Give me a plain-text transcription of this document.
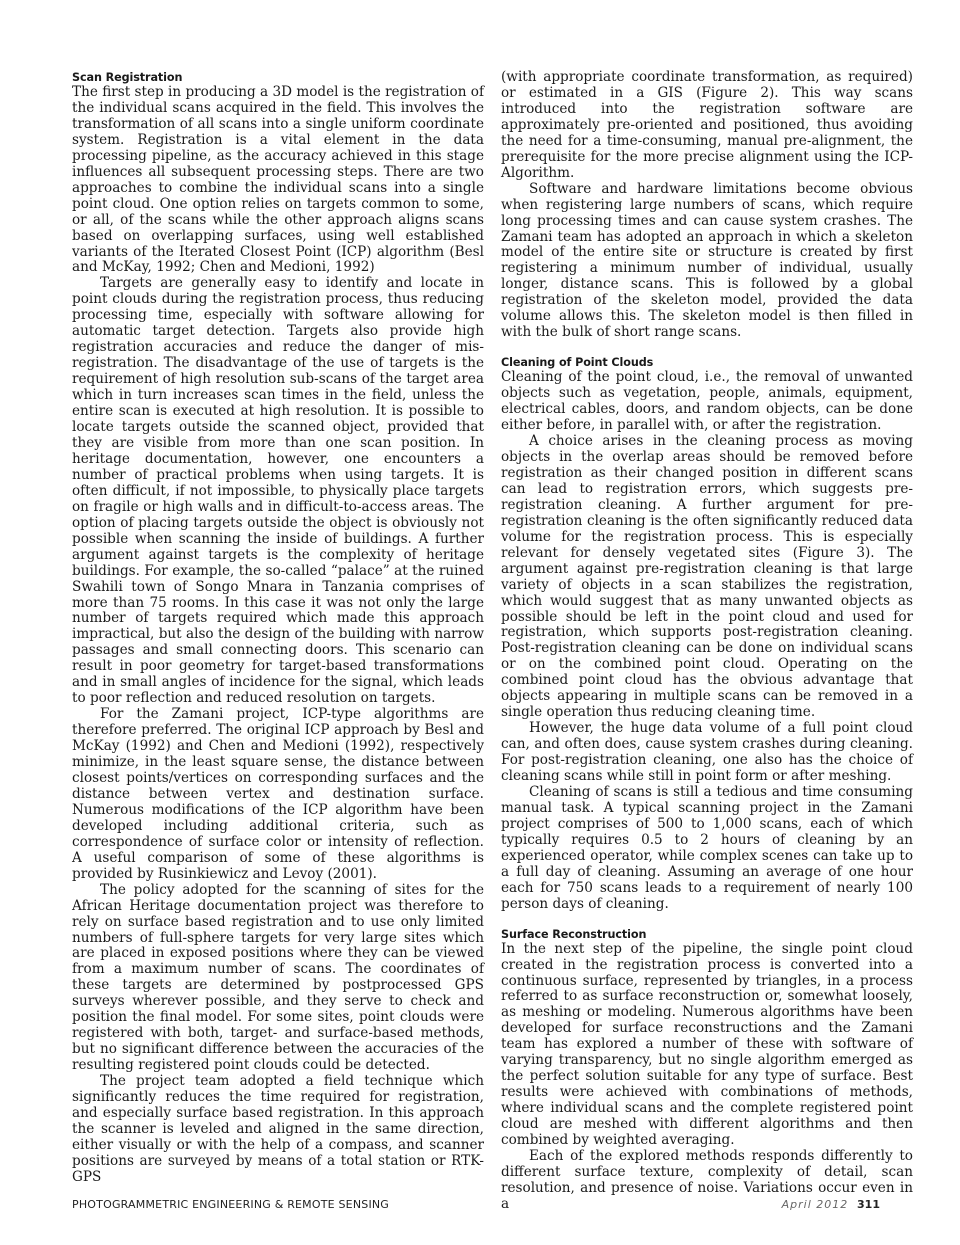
Scan Registration

The first step in producing a 3D model is the registration of the individual scans acquired in the field. This involves the transformation of all scans into a single uniform coordinate system. Registration is a vital element in the data processing pipeline, as the accuracy achieved in this stage influences all subsequent processing steps. There are two approaches to combine the individual scans into a single point cloud. One option relies on targets common to some, or all, of the scans while the other approach aligns scans based on overlapping surfaces, using well established variants of the Iterated Closest Point (ICP) algorithm (Besl and McKay, 1992; Chen and Medioni, 1992)

Targets are generally easy to identify and locate in point clouds during the registration process, thus reducing processing time, especially with software allowing for automatic target detection. Targets also provide high registration accuracies and reduce the danger of mis-registration. The disadvantage of the use of targets is the requirement of high resolution sub-scans of the target area which in turn increases scan times in the field, unless the entire scan is executed at high resolution. It is possible to locate targets outside the scanned object, provided that they are visible from more than one scan position. In heritage documentation, however, one encounters a number of practical problems when using targets. It is often difficult, if not impossible, to physically place targets on fragile or high walls and in difficult-to-access areas. The option of placing targets outside the object is obviously not possible when scanning the inside of buildings. A further argument against targets is the complexity of heritage buildings. For example, the so-called “palace” at the ruined Swahili town of Songo Mnara in Tanzania comprises of more than 75 rooms. In this case it was not only the large number of targets required which made this approach impractical, but also the design of the building with narrow passages and small connecting doors. This scenario can result in poor geometry for target-based transformations and in small angles of incidence for the signal, which leads to poor reflection and reduced resolution on targets.

For the Zamani project, ICP-type algorithms are therefore preferred. The original ICP approach by Besl and McKay (1992) and Chen and Medioni (1992), respectively minimize, in the least square sense, the distance between closest points/vertices on corresponding surfaces and the distance between vertex and destination surface. Numerous modifications of the ICP algorithm have been developed including additional criteria, such as correspondence of surface color or intensity of reflection. A useful comparison of some of these algorithms is provided by Rusinkiewicz and Levoy (2001).

The policy adopted for the scanning of sites for the African Heritage documentation project was therefore to rely on surface based registration and to use only limited numbers of full-sphere targets for very large sites which are placed in exposed positions where they can be viewed from a maximum number of scans. The coordinates of these targets are determined by postprocessed GPS surveys wherever possible, and they serve to check and position the final model. For some sites, point clouds were registered with both, target- and surface-based methods, but no significant difference between the accuracies of the resulting registered point clouds could be detected.

The project team adopted a field technique which significantly reduces the time required for registration, and especially surface based registration. In this approach the scanner is leveled and aligned in the same direction, either visually or with the help of a compass, and scanner positions are surveyed by means of a total station or RTK-GPS

(with appropriate coordinate transformation, as required) or estimated in a GIS (Figure 2). This way scans introduced into the registration software are approximately pre-oriented and positioned, thus avoiding the need for a time-consuming, manual pre-alignment, the prerequisite for the more precise alignment using the ICP-Algorithm.

Software and hardware limitations become obvious when registering large numbers of scans, which require long processing times and can cause system crashes. The Zamani team has adopted an approach in which a skeleton model of the entire site or structure is created by first registering a minimum number of individual, usually longer, distance scans. This is followed by a global registration of the skeleton model, provided the data volume allows this. The skeleton model is then filled in with the bulk of short range scans.

Cleaning of Point Clouds

Cleaning of the point cloud, i.e., the removal of unwanted objects such as vegetation, people, animals, equipment, electrical cables, doors, and random objects, can be done either before, in parallel with, or after the registration.

A choice arises in the cleaning process as moving objects in the overlap areas should be removed before registration as their changed position in different scans can lead to registration errors, which suggests pre-registration cleaning. A further argument for pre-registration cleaning is the often significantly reduced data volume for the registration process. This is especially relevant for densely vegetated sites (Figure 3). The argument against pre-registration cleaning is that large variety of objects in a scan stabilizes the registration, which would suggest that as many unwanted objects as possible should be left in the point cloud and used for registration, which supports post-registration cleaning. Post-registration cleaning can be done on individual scans or on the combined point cloud. Operating on the combined point cloud has the obvious advantage that objects appearing in multiple scans can be removed in a single operation thus reducing cleaning time.

However, the huge data volume of a full point cloud can, and often does, cause system crashes during cleaning. For post-registration cleaning, one also has the choice of cleaning scans while still in point form or after meshing.

Cleaning of scans is still a tedious and time consuming manual task. A typical scanning project in the Zamani project comprises of 500 to 1,000 scans, each of which typically requires 0.5 to 2 hours of cleaning by an experienced operator, while complex scenes can take up to a full day of cleaning. Assuming an average of one hour each for 750 scans leads to a requirement of nearly 100 person days of cleaning.

Surface Reconstruction

In the next step of the pipeline, the single point cloud created in the registration process is converted into a continuous surface, represented by triangles, in a process referred to as surface reconstruction or, somewhat loosely, as meshing or modeling. Numerous algorithms have been developed for surface reconstructions and the Zamani team has explored a number of these with software of varying transparency, but no single algorithm emerged as the perfect solution suitable for any type of surface. Best results were achieved with combinations of methods, where individual scans and the complete registered point cloud are meshed with different algorithms and then combined by weighted averaging.

Each of the explored methods responds differently to different surface texture, complexity of detail, scan resolution, and presence of noise. Variations occur even in a

PHOTOGRAMMETRIC ENGINEERING & REMOTE SENSING	April 2012 311
